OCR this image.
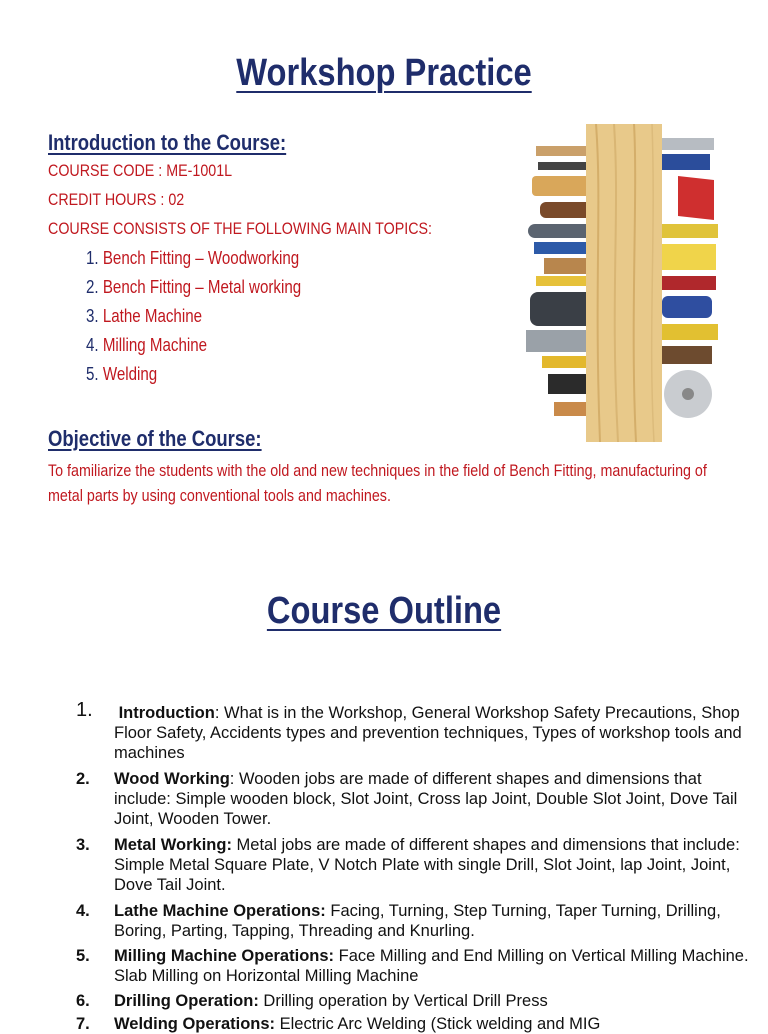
Workshop Practice

Introduction to the Course:

COURSE CODE : ME-1001L

CREDIT HOURS : 02

COURSE CONSISTS OF THE FOLLOWING MAIN TOPICS:

1. Bench Fitting – Woodworking

2. Bench Fitting – Metal working

3. Lathe Machine

4. Milling Machine

5. Welding

Objective of the Course:

To familiarize the students with the old and new techniques in the field of Bench Fitting, manufacturing of metal parts by using conventional tools and machines.

Course Outline
1. Introduction: What is in the Workshop, General Workshop Safety Precautions, Shop Floor Safety, Accidents types and prevention techniques, Types of workshop tools and machines
2. Wood Working: Wooden jobs are made of different shapes and dimensions that include: Simple wooden block, Slot Joint, Cross lap Joint, Double Slot Joint, Dove Tail Joint, Wooden Tower.
3. Metal Working: Metal jobs are made of different shapes and dimensions that include: Simple Metal Square Plate, V Notch Plate with single Drill, Slot Joint, lap Joint, Joint, Dove Tail Joint.
4. Lathe Machine Operations: Facing, Turning, Step Turning, Taper Turning, Drilling, Boring, Parting, Tapping, Threading and Knurling.
5. Milling Machine Operations: Face Milling and End Milling on Vertical Milling Machine. Slab Milling on Horizontal Milling Machine
6. Drilling Operation: Drilling operation by Vertical Drill Press
7. Welding Operations: Electric Arc Welding (Stick welding and MIG
